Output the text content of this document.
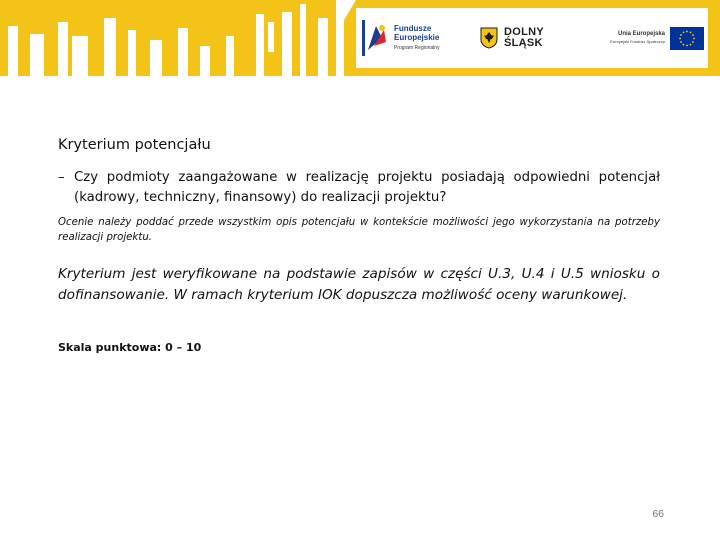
Fundusze
Europejskie
Program Regionalny
DOLNY
ŚLĄSK
Unia Europejska
Europejski Fundusz Społeczny
Kryterium potencjału
– Czy podmioty zaangażowane w realizację projektu posiadają odpowiedni potencjał (kadrowy, techniczny, finansowy) do realizacji projektu?
Ocenie należy poddać przede wszystkim opis potencjału w kontekście możliwości jego wykorzystania na potrzeby realizacji projektu.
Kryterium jest weryfikowane na podstawie zapisów w części U.3, U.4 i U.5 wniosku o dofinansowanie. W ramach kryterium IOK dopuszcza możliwość oceny warunkowej.
Skala punktowa: 0 – 10
66
